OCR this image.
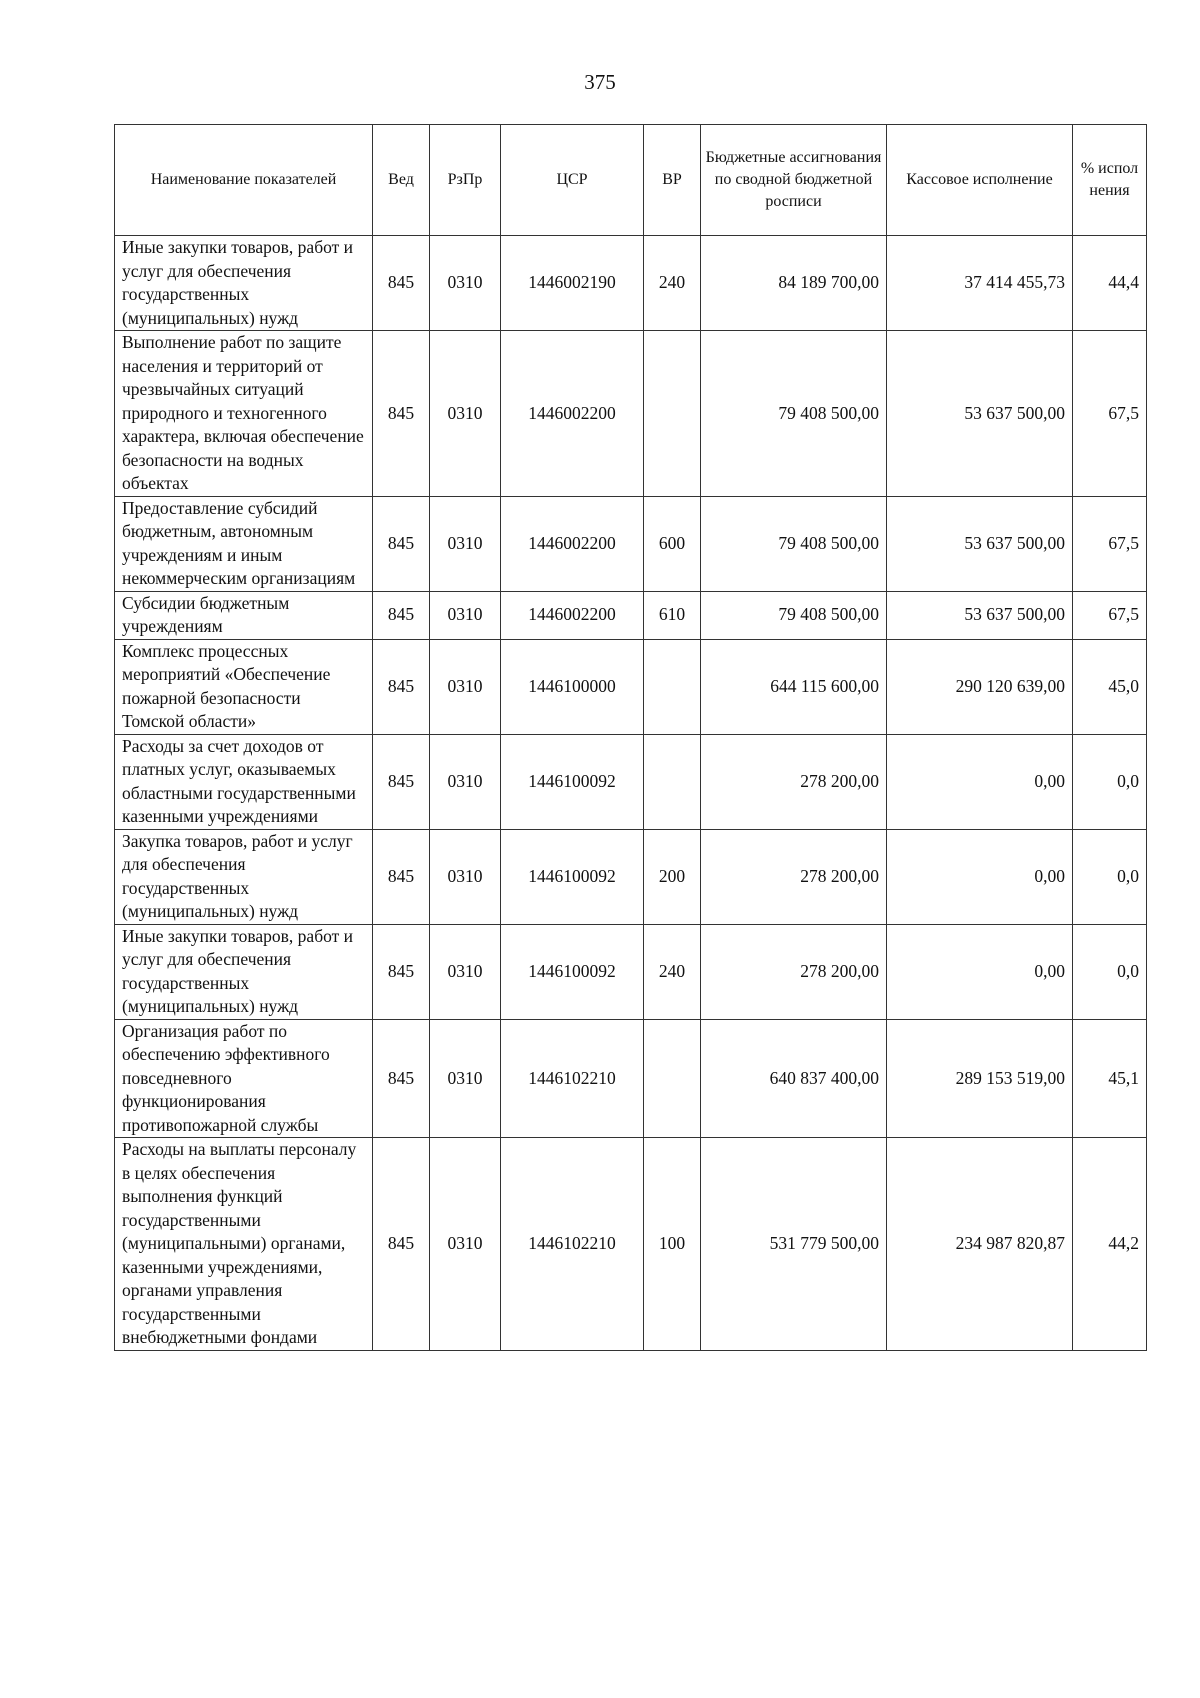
375
Наименование показателей	Вед	РзПр	ЦСР	ВР	Бюджетные ассигнования по сводной бюджетной росписи	Кассовое исполнение	% испол нения
Иные закупки товаров, работ и услуг для обеспечения государственных (муниципальных) нужд	845	0310	1446002190	240	84 189 700,00	37 414 455,73	44,4
Выполнение работ по защите населения и территорий от чрезвычайных ситуаций природного и техногенного характера, включая обеспечение безопасности на водных объектах	845	0310	1446002200		79 408 500,00	53 637 500,00	67,5
Предоставление субсидий бюджетным, автономным учреждениям и иным некоммерческим организациям	845	0310	1446002200	600	79 408 500,00	53 637 500,00	67,5
Субсидии бюджетным учреждениям	845	0310	1446002200	610	79 408 500,00	53 637 500,00	67,5
Комплекс процессных мероприятий «Обеспечение пожарной безопасности Томской области»	845	0310	1446100000		644 115 600,00	290 120 639,00	45,0
Расходы за счет доходов от платных услуг, оказываемых областными государственными казенными учреждениями	845	0310	1446100092		278 200,00	0,00	0,0
Закупка товаров, работ и услуг для обеспечения государственных (муниципальных) нужд	845	0310	1446100092	200	278 200,00	0,00	0,0
Иные закупки товаров, работ и услуг для обеспечения государственных (муниципальных) нужд	845	0310	1446100092	240	278 200,00	0,00	0,0
Организация работ по обеспечению эффективного повседневного функционирования противопожарной службы	845	0310	1446102210		640 837 400,00	289 153 519,00	45,1
Расходы на выплаты персоналу в целях обеспечения выполнения функций государственными (муниципальными) органами, казенными учреждениями, органами управления государственными внебюджетными фондами	845	0310	1446102210	100	531 779 500,00	234 987 820,87	44,2
